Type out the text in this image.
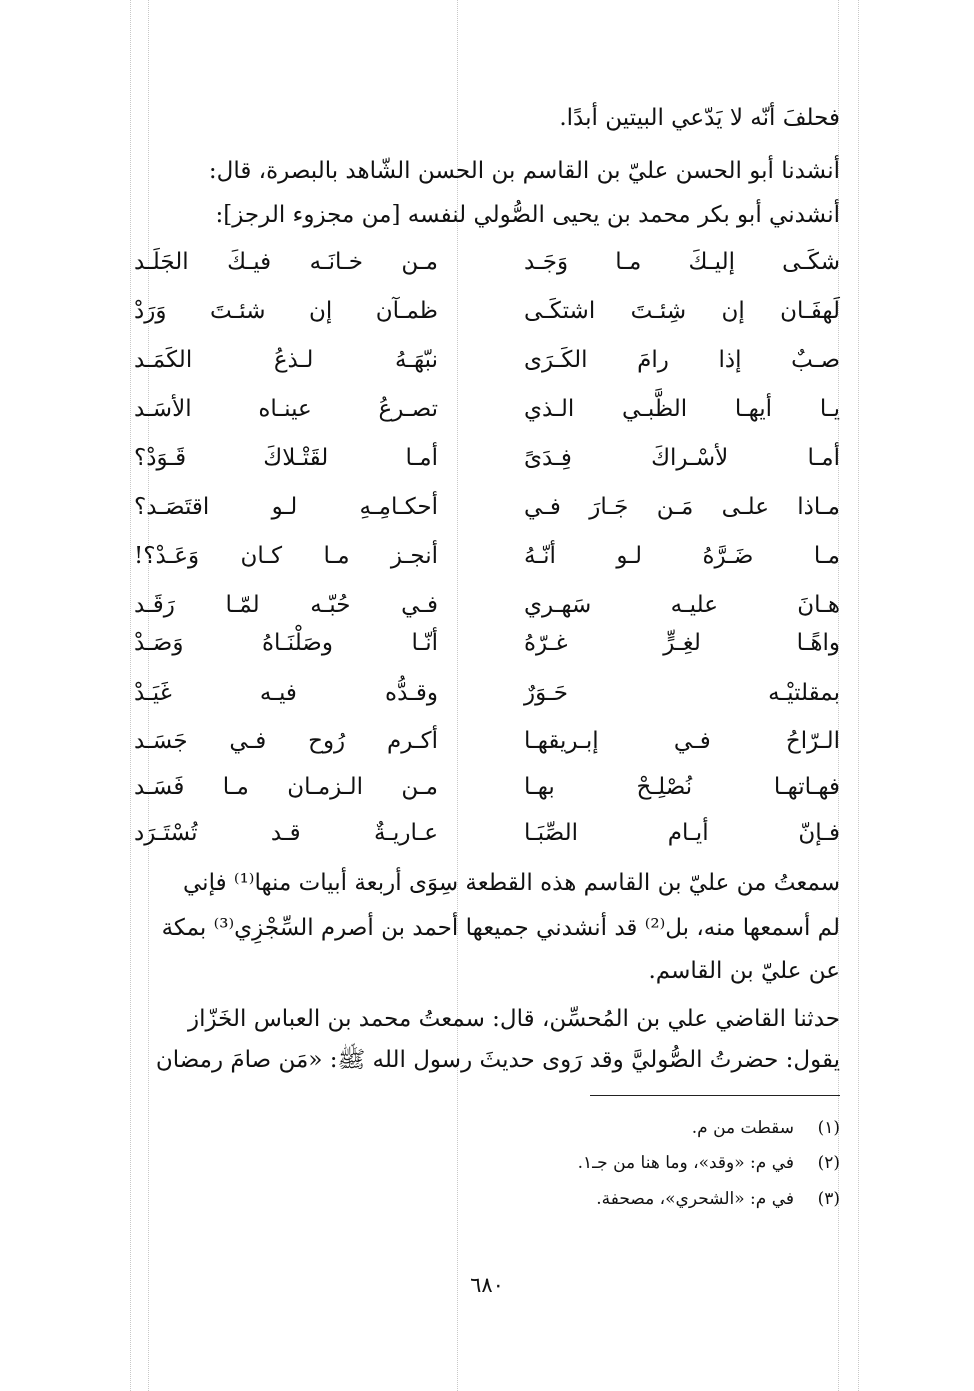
فحلفَ أنّه لا يَدّعي البيتين أبدًا.
أنشدنا أبو الحسن عليّ بن القاسم بن الحسن الشّاهد بالبصرة، قال:
أنشدني أبو بكر محمد بن يحيى الصُّولي لنفسه [من مجزوء الرجز]:
شكَـى إليـكَ مـا وَجَـد
مـن خـانَـه فيـكَ الجَلَـد
لَهفَـان إن شِئـتَ اشتكَـى
ظمـآن إن شئـتَ وَرَدْ
صـبٌ إذا رامَ الكَـرَى
نبّهَـهُ لـذعُ الكَمَـد
يـا أيهـا الظَّبـي الـذي
تصـرعُ عينـاه الأسَـد
أمـا لأسْـراكَ فِـدَىً
أمـا لقَتْـلاكَ قَـوَدْ؟
مـاذا علـى مَـن جَـارَ فـي
أحكـامِـهِ لـو اقتَصَـد؟
مـا ضَـرَّهُ لـو أنّـهُ
أنجـز مـا كـان وَعَـدْ؟!
هـانَ عليـه سَهـري
فـي حُبّـه لمّـا رَقَـد
واهًـا لغِـرٍّ غـرّهُ
أنّـا وصَلْنَـاهُ وَصَـدْ
بمقلتيْـه حَـوَرٌ
وقـدُّه فيـه غَيَـدْ
الـرّاحُ فـي إبـريقهـا
أكـرم رُوح فـي جَسَـد
فهـاتهـا نُصْلِـحْ بهـا
مـن الـزمـان مـا فَسَـد
فـإنّ أيـام الصِّبَـا
عـاريـةٌ قـد تُسْتَـرَد
سمعتُ من عليّ بن القاسم هذه القطعة سِوَى أربعة أبيات منها⁽¹⁾ فإني
لم أسمعها منه، بل⁽²⁾ قد أنشدني جميعها أحمد بن أصرم السِّجْزِي⁽³⁾ بمكة
عن عليّ بن القاسم.
حدثنا القاضي علي بن المُحسِّن، قال: سمعتُ محمد بن العباس الخَزّاز
يقول: حضرتُ الصُّوليَّ وقد رَوى حديثَ رسول الله ﷺ: «مَن صامَ رمضان
(١)سقطت من م.
(٢)في م: «وقد»، وما هنا من جـ١.
(٣)في م: «الشحري»، مصحفة.
٦٨٠
